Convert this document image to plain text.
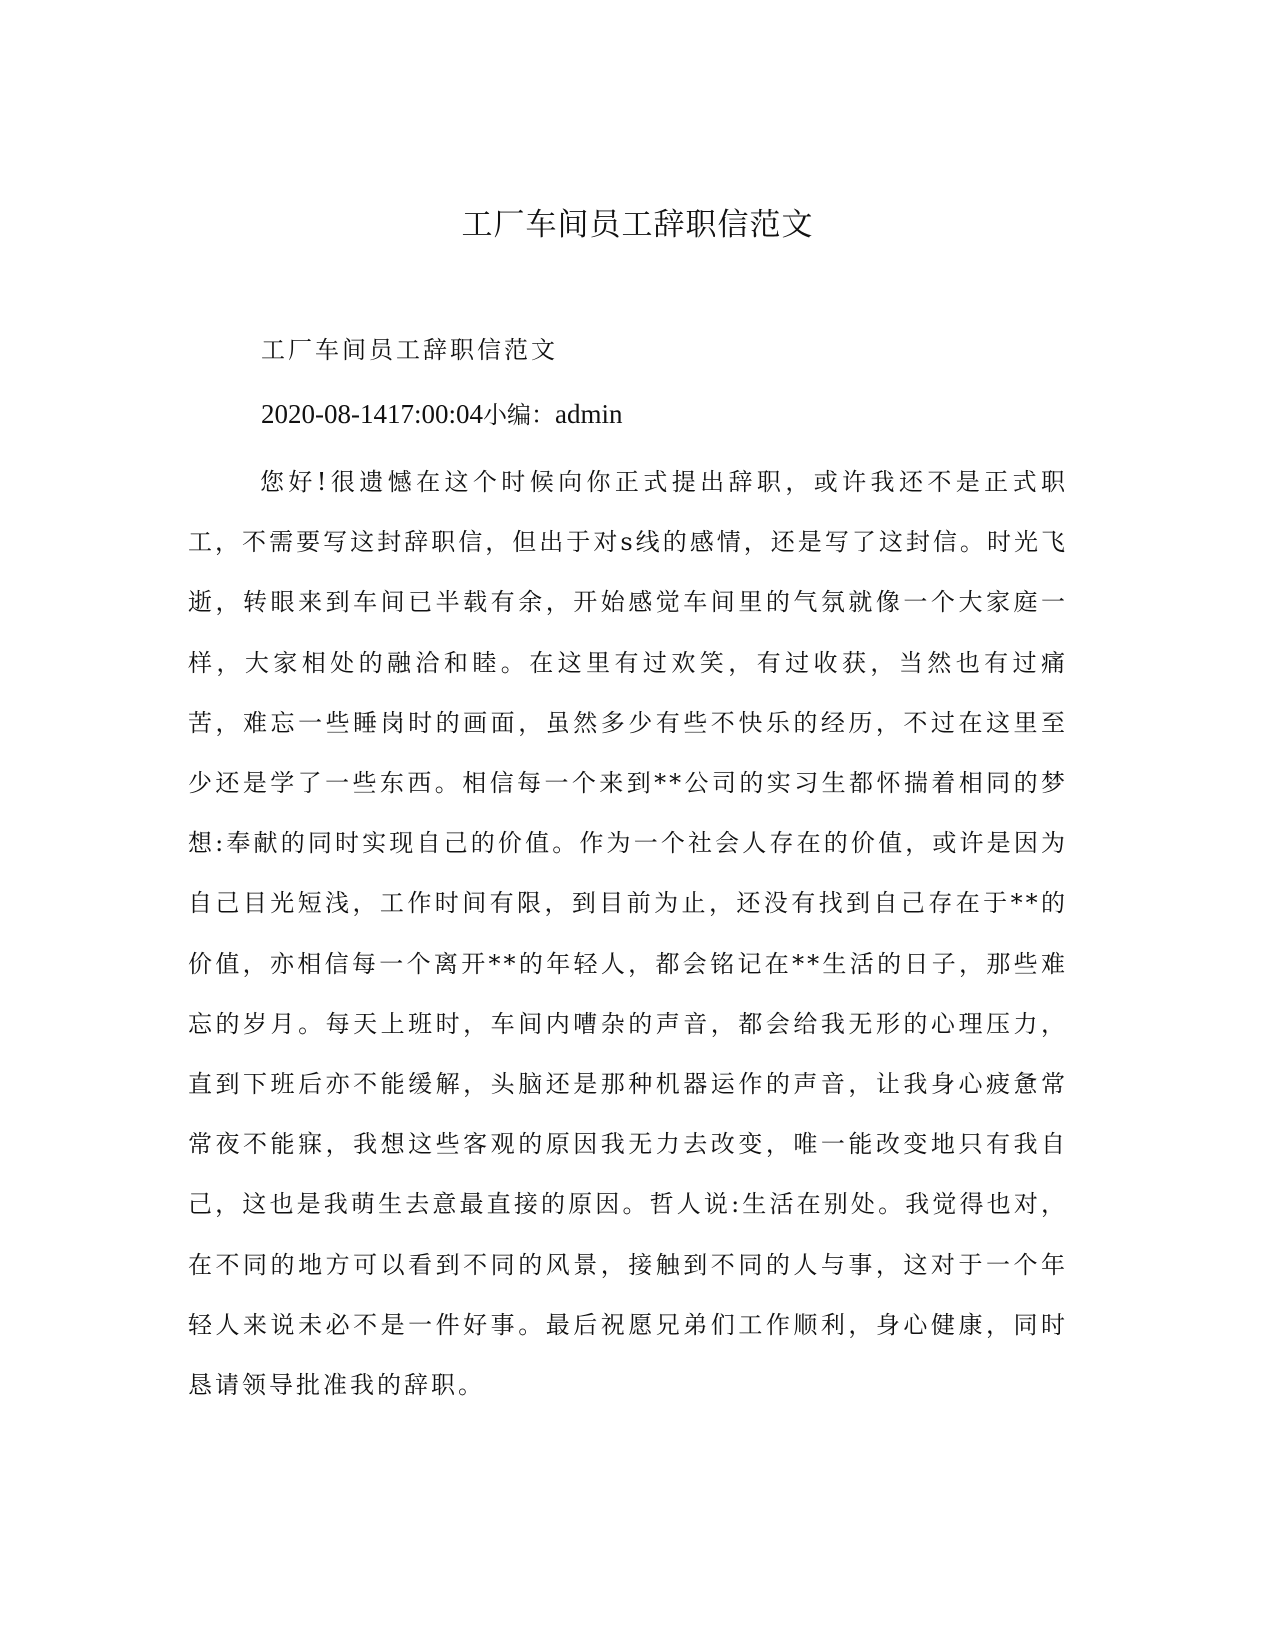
工厂车间员工辞职信范文
工厂车间员工辞职信范文
2020-08-1417:00:04小编：admin

您好!很遗憾在这个时候向你正式提出辞职，或许我还不是正式职工，不需要写这封辞职信，但出于对s线的感情，还是写了这封信。时光飞逝，转眼来到车间已半载有余，开始感觉车间里的气氛就像一个大家庭一样，大家相处的融洽和睦。在这里有过欢笑，有过收获，当然也有过痛苦，难忘一些睡岗时的画面，虽然多少有些不快乐的经历，不过在这里至少还是学了一些东西。相信每一个来到**公司的实习生都怀揣着相同的梦想:奉献的同时实现自己的价值。作为一个社会人存在的价值，或许是因为自己目光短浅，工作时间有限，到目前为止，还没有找到自己存在于**的价值，亦相信每一个离开**的年轻人，都会铭记在**生活的日子，那些难忘的岁月。每天上班时，车间内嘈杂的声音，都会给我无形的心理压力，直到下班后亦不能缓解，头脑还是那种机器运作的声音，让我身心疲惫常常夜不能寐，我想这些客观的原因我无力去改变，唯一能改变地只有我自己，这也是我萌生去意最直接的原因。哲人说:生活在别处。我觉得也对，在不同的地方可以看到不同的风景，接触到不同的人与事，这对于一个年轻人来说未必不是一件好事。最后祝愿兄弟们工作顺利，身心健康，同时恳请领导批准我的辞职。
